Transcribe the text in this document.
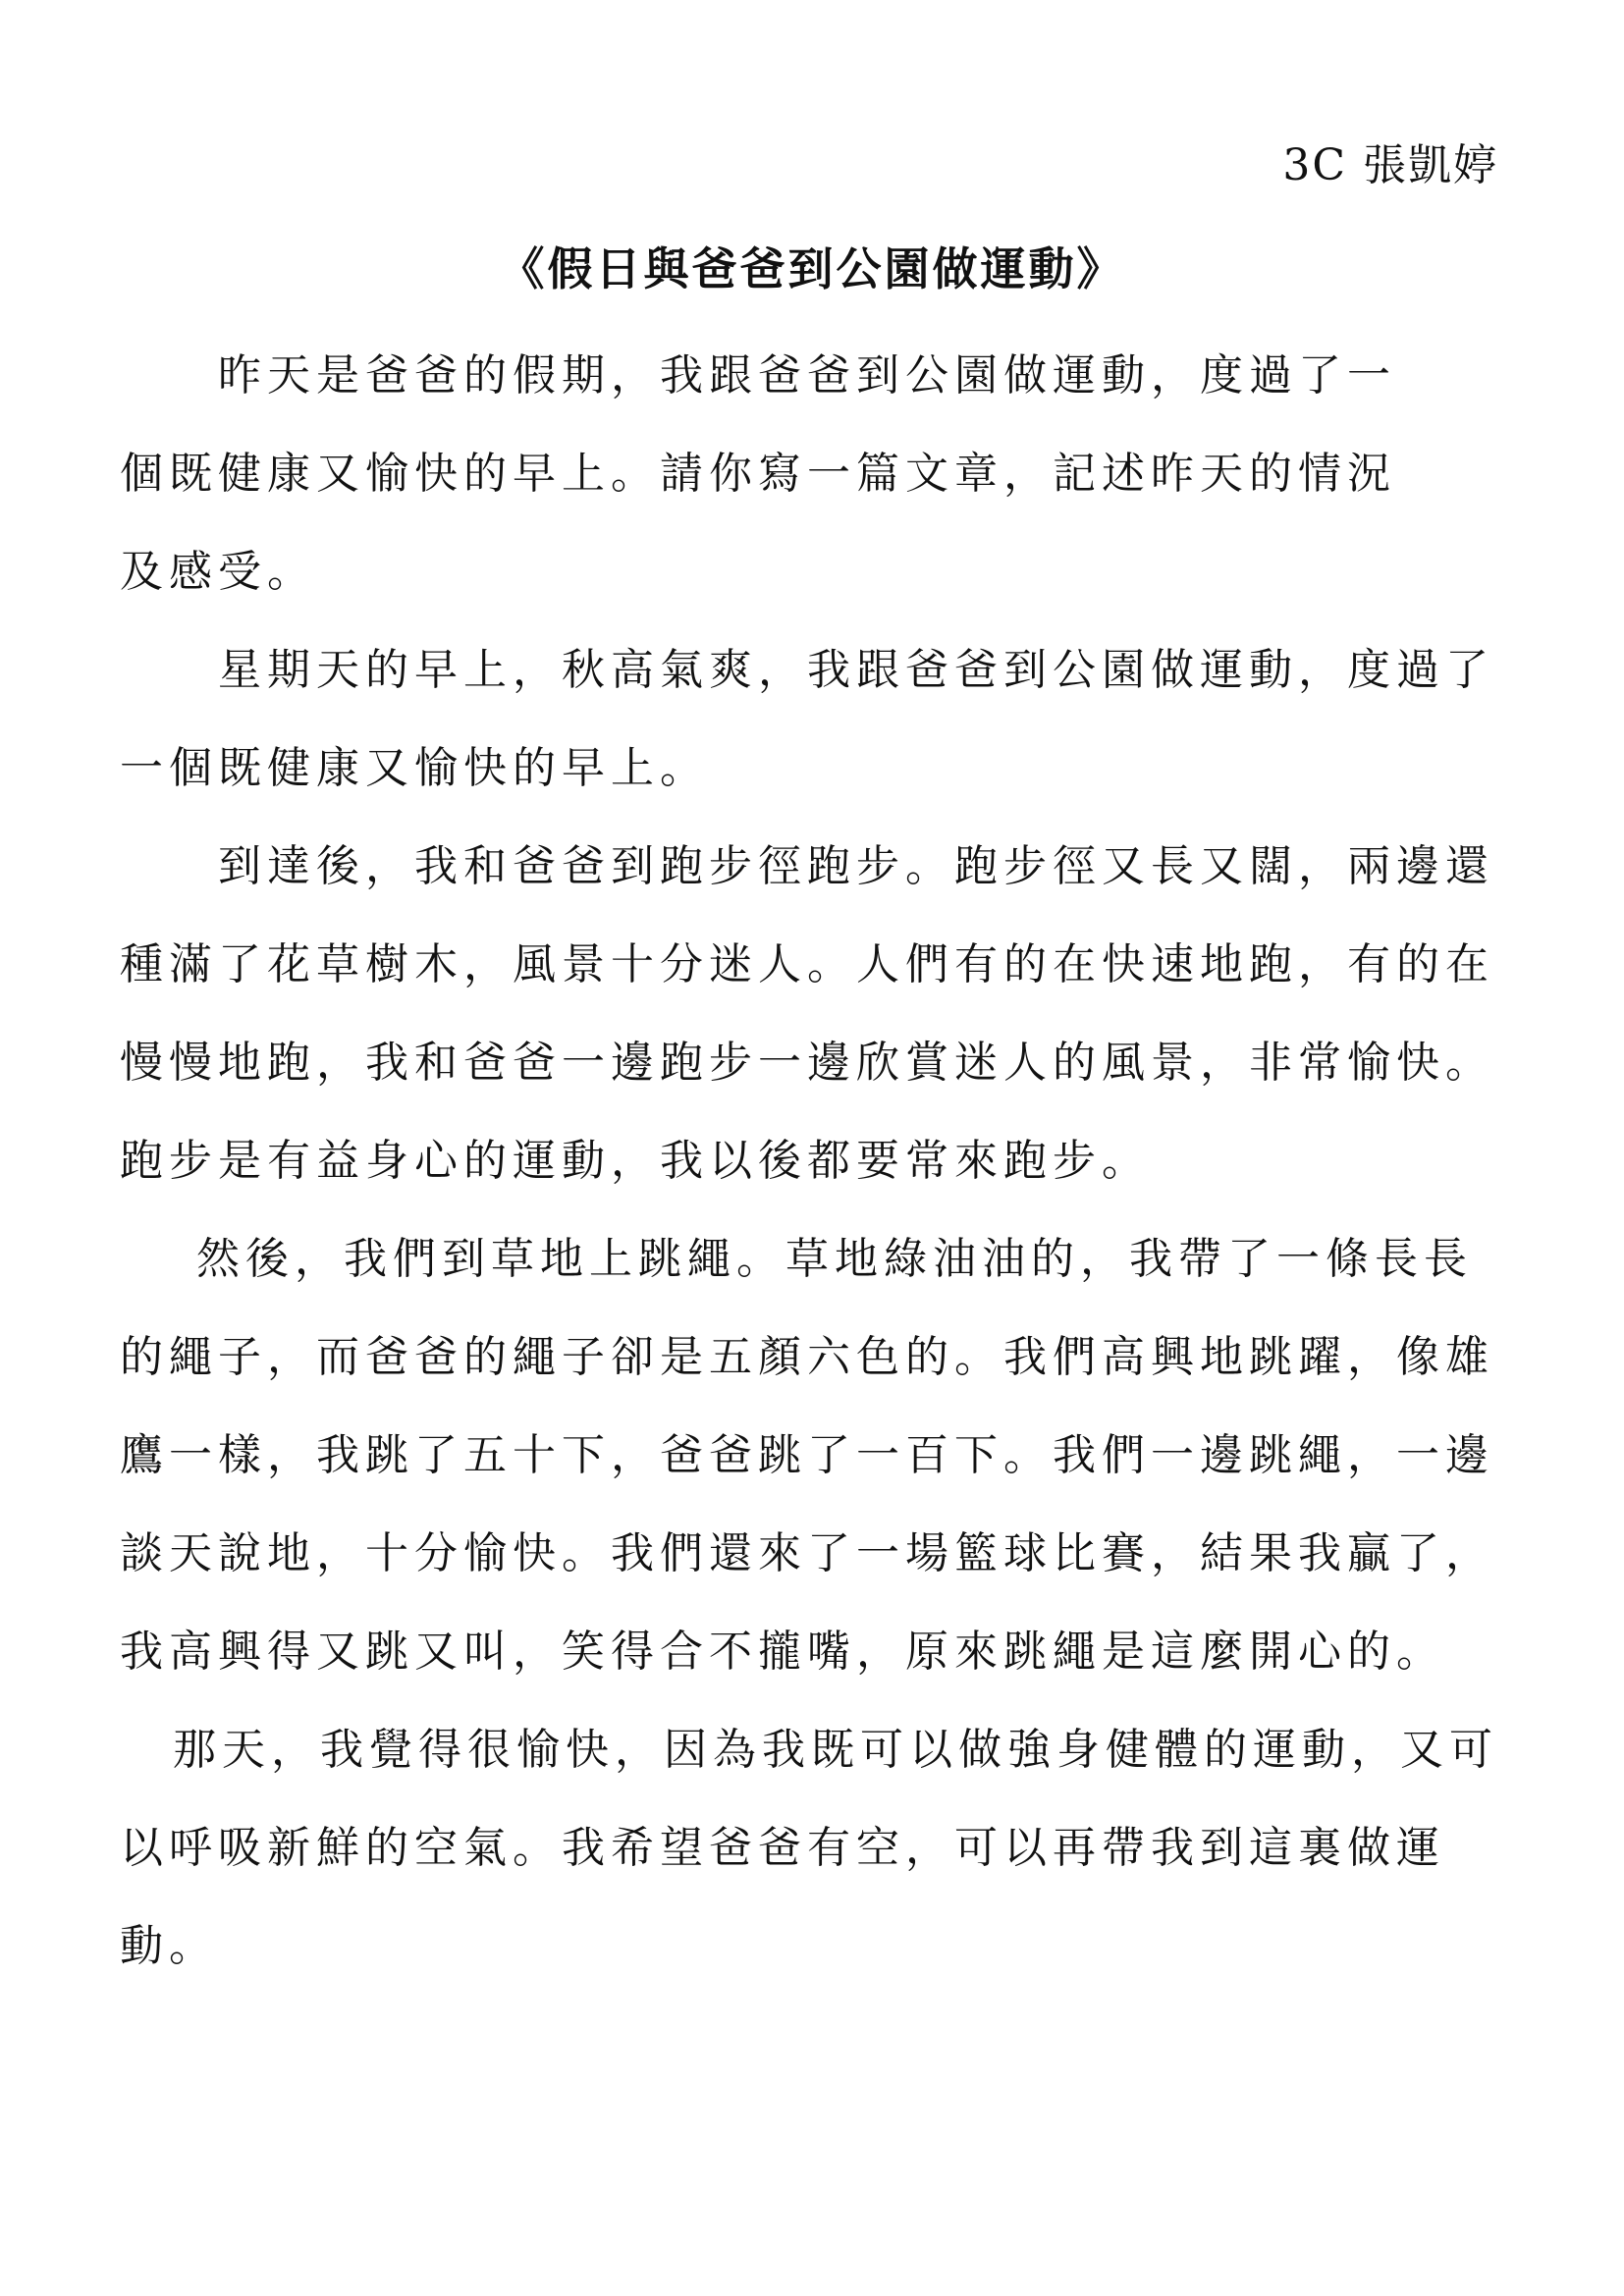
3C 張凱婷
《假日與爸爸到公園做運動》
昨天是爸爸的假期，我跟爸爸到公園做運動，度過了一
個既健康又愉快的早上。請你寫一篇文章，記述昨天的情況
及感受。
星期天的早上，秋高氣爽，我跟爸爸到公園做運動，度過了
一個既健康又愉快的早上。
到達後，我和爸爸到跑步徑跑步。跑步徑又長又闊，兩邊還
種滿了花草樹木，風景十分迷人。人們有的在快速地跑，有的在
慢慢地跑，我和爸爸一邊跑步一邊欣賞迷人的風景，非常愉快。
跑步是有益身心的運動，我以後都要常來跑步。
然後，我們到草地上跳繩。草地綠油油的，我帶了一條長長
的繩子，而爸爸的繩子卻是五顏六色的。我們高興地跳躍，像雄
鷹一樣，我跳了五十下，爸爸跳了一百下。我們一邊跳繩，一邊
談天說地，十分愉快。我們還來了一場籃球比賽，結果我贏了，
我高興得又跳又叫，笑得合不攏嘴，原來跳繩是這麼開心的。
那天，我覺得很愉快，因為我既可以做強身健體的運動，又可
以呼吸新鮮的空氣。我希望爸爸有空，可以再帶我到這裏做運
動。
